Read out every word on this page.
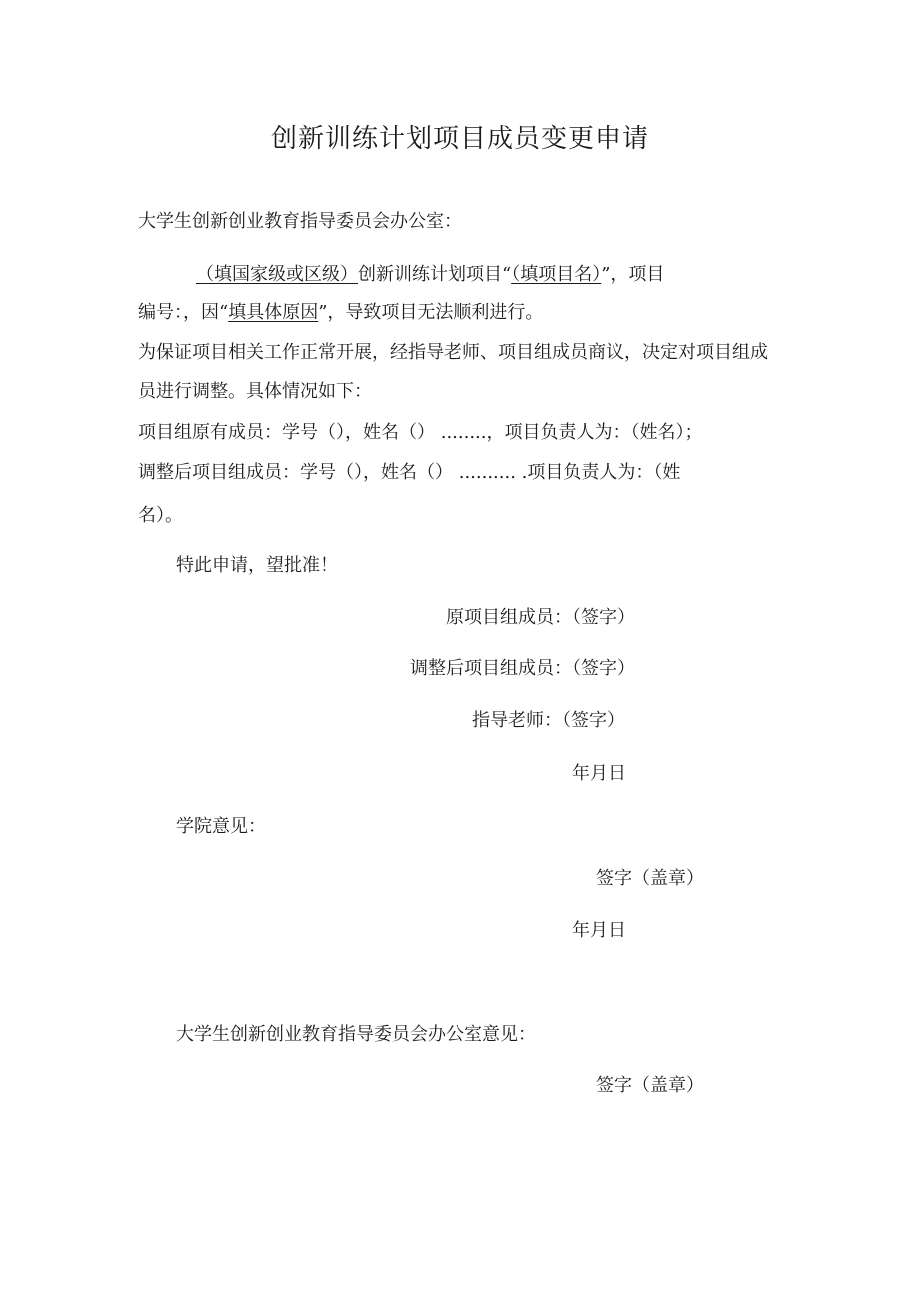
创新训练计划项目成员变更申请
大学生创新创业教育指导委员会办公室：
（填国家级或区级）创新训练计划项目“（填项目名）”，项目
编号：，因“填具体原因”，导致项目无法顺利进行。
为保证项目相关工作正常开展，经指导老师、项目组成员商议，决定对项目组成
员进行调整。具体情况如下：
项目组原有成员：学号（），姓名（） ........，项目负责人为：（姓名）；
调整后项目组成员：学号（），姓名（） .......... .项目负责人为：（姓
名）。
特此申请，望批准！
原项目组成员：（签字）
调整后项目组成员：（签字）
指导老师：（签字）
年月日
学院意见：
签字（盖章）
年月日
大学生创新创业教育指导委员会办公室意见：
签字（盖章）
